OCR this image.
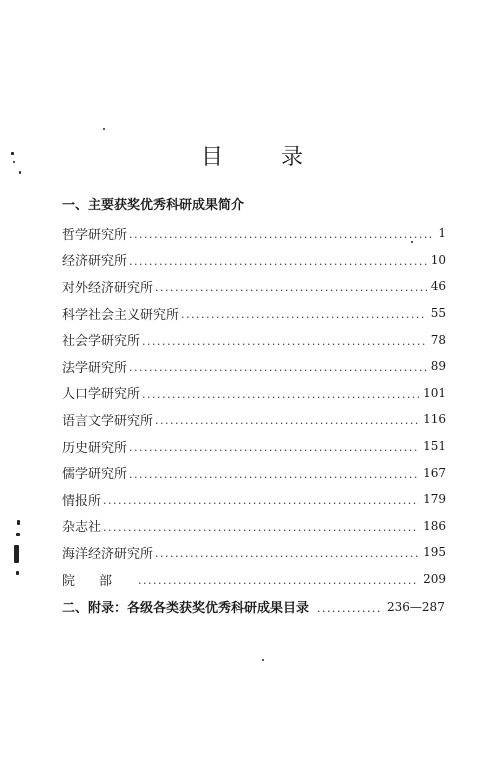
目	录
一、主要获奖优秀科研成果简介
哲学研究所 .....	1
经济研究所 .....	10
对外经济研究所 .....	46
科学社会主义研究所 .....	55
社会学研究所 .....	78
法学研究所 .....	89
人口学研究所 .....	101
语言文学研究所 .....	116
历史研究所 .....	151
儒学研究所 .....	167
情报所 .....	179
杂志社 .....	186
海洋经济研究所 .....	195
院部 .....	209
二、附录：各级各类获奖优秀科研成果目录 .....	236—287
